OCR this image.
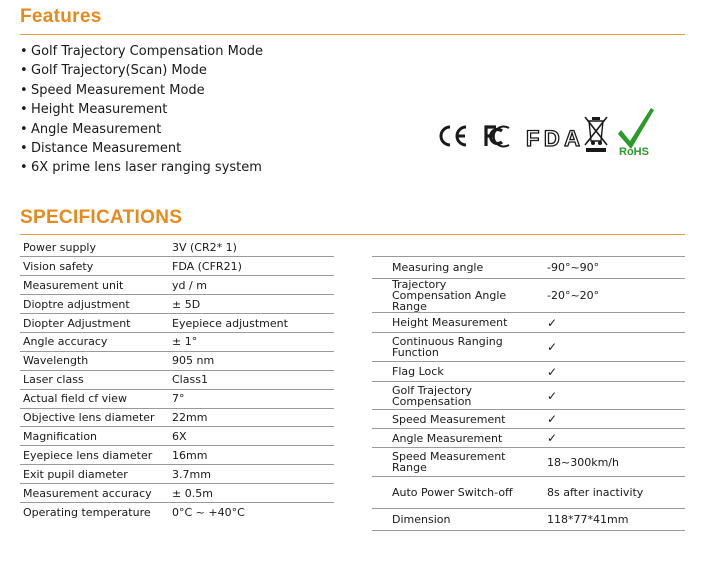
Features
• Golf Trajectory Compensation Mode
• Golf Trajectory(Scan) Mode
• Speed Measurement Mode
• Height Measurement
• Angle Measurement
• Distance Measurement
• 6X prime lens laser ranging system
FDA
RoHS
SPECIFICATIONS
Power supply	3V (CR2* 1)
Vision safety	FDA (CFR21)
Measurement unit	yd / m
Dioptre adjustment	± 5D
Diopter Adjustment	Eyepiece adjustment
Angle accuracy	± 1°
Wavelength	905 nm
Laser class	Class1
Actual field cf view	7°
Objective lens diameter	22mm
Magnification	6X
Eyepiece lens diameter	16mm
Exit pupil diameter	3.7mm
Measurement accuracy	± 0.5m
Operating temperature	0°C ~ +40°C
Measuring angle	-90°~90°
Trajectory Compensation Angle Range	-20°~20°
Height Measurement	✓
Continuous Ranging Function	✓
Flag Lock	✓
Golf Trajectory Compensation	✓
Speed Measurement	✓
Angle Measurement	✓
Speed Measurement Range	18~300km/h
Auto Power Switch-off	8s after inactivity
Dimension	118*77*41mm
